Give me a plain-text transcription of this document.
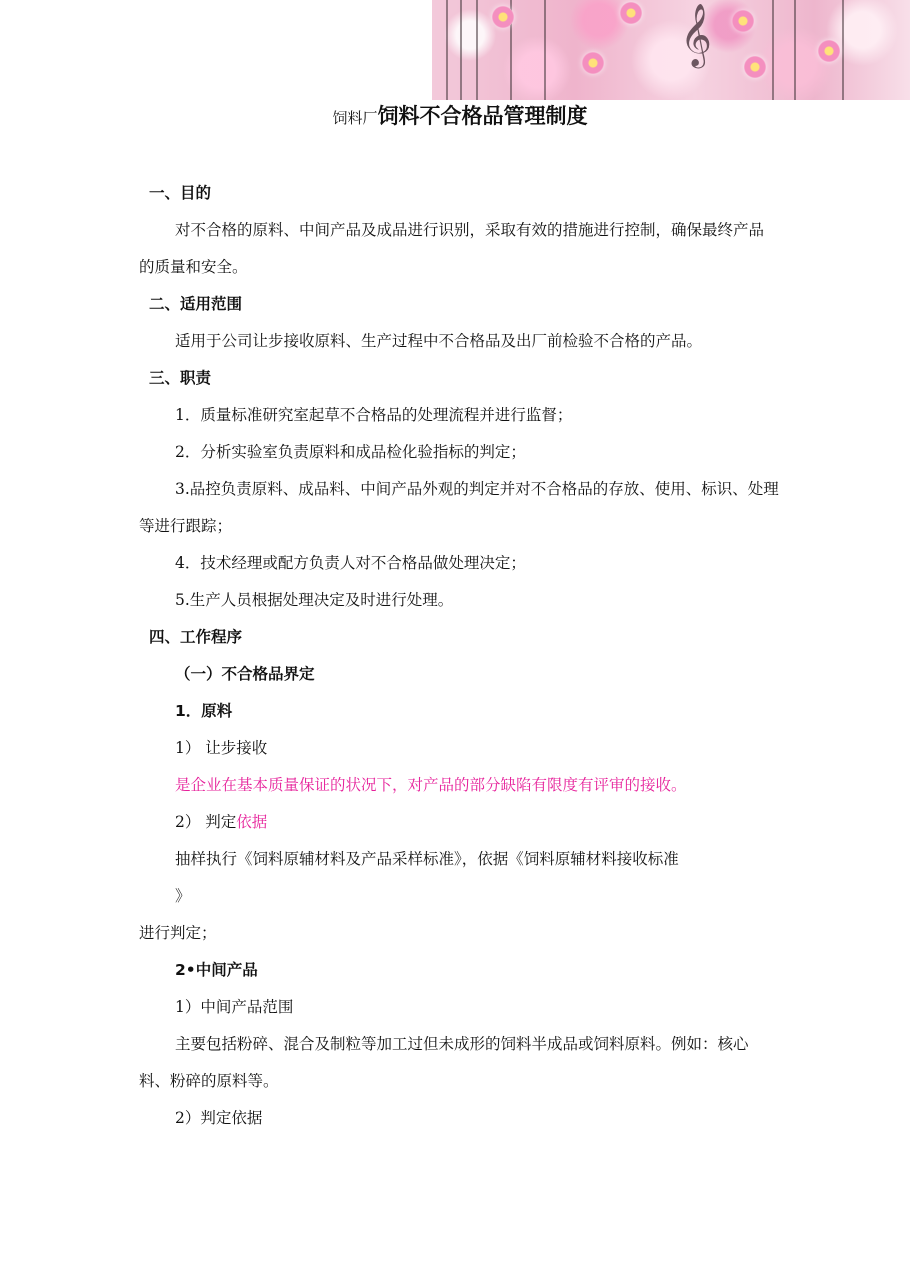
𝄞
饲料厂饲料不合格品管理制度

一、目的

对不合格的原料、中间产品及成品进行识别，采取有效的措施进行控制，确保最终产品的质量和安全。

二、适用范围

适用于公司让步接收原料、生产过程中不合格品及出厂前检验不合格的产品。

三、职责

1．质量标准研究室起草不合格品的处理流程并进行监督；

2．分析实验室负责原料和成品检化验指标的判定；

3.品控负责原料、成品料、中间产品外观的判定并对不合格品的存放、使用、标识、处理等进行跟踪；

4．技术经理或配方负责人对不合格品做处理决定；

5.生产人员根据处理决定及时进行处理。

四、工作程序

（一）不合格品界定

1．原料

1） 让步接收

是企业在基本质量保证的状况下，对产品的部分缺陷有限度有评审的接收。

2） 判定依据

抽样执行《饲料原辅材料及产品采样标准》，依据《饲料原辅材料接收标准

》

进行判定；

2•中间产品

1）中间产品范围

主要包括粉碎、混合及制粒等加工过但未成形的饲料半成品或饲料原料。例如：核心料、粉碎的原料等。

2）判定依据
